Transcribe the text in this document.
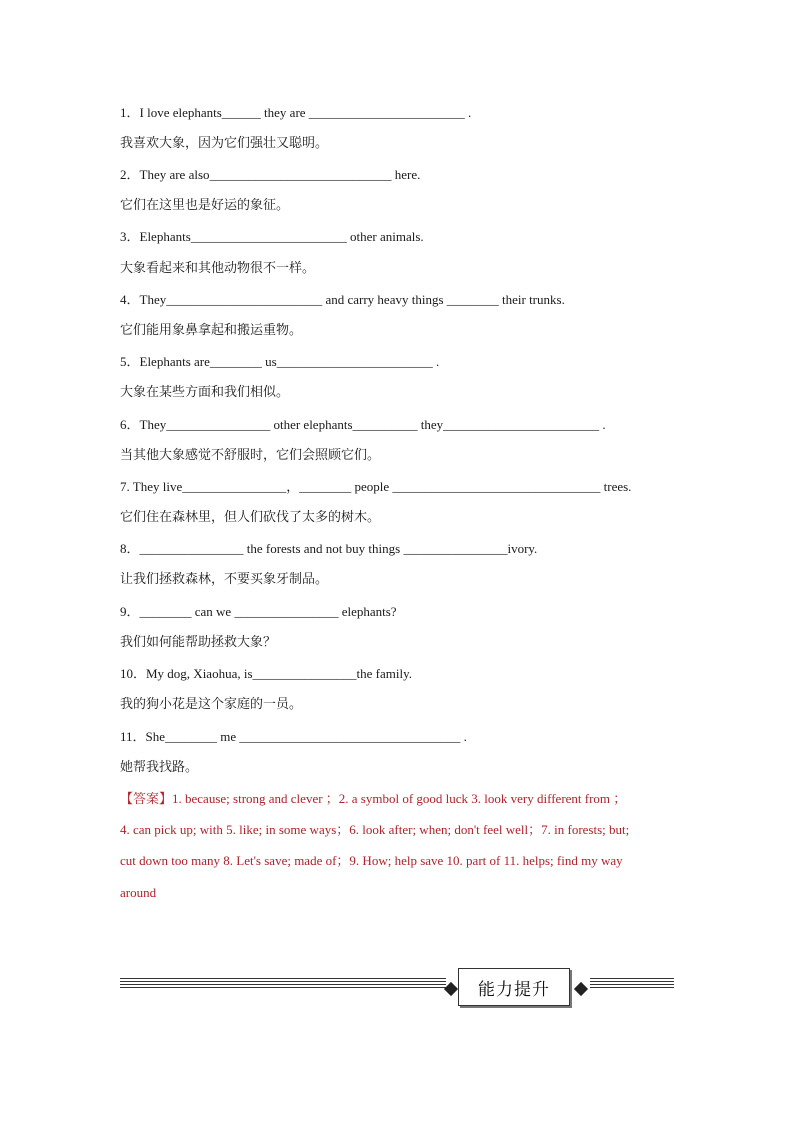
1．I love elephants______ they are ________________________ .
我喜欢大象，因为它们强壮又聪明。
2．They are also____________________________ here.
它们在这里也是好运的象征。
3．Elephants________________________ other animals.
大象看起来和其他动物很不一样。
4．They________________________ and carry heavy things ________ their trunks.
它们能用象鼻拿起和搬运重物。
5．Elephants are________ us________________________ .
大象在某些方面和我们相似。
6．They________________ other elephants__________ they________________________ .
当其他大象感觉不舒服时，它们会照顾它们。
7. They live________________，________ people ________________________________ trees.
它们住在森林里，但人们砍伐了太多的树木。
8．________________ the forests and not buy things ________________ivory.
让我们拯救森林，不要买象牙制品。
9．________ can we ________________ elephants?
我们如何能帮助拯救大象？
10．My dog, Xiaohua, is________________the family.
我的狗小花是这个家庭的一员。
11．She________ me __________________________________ .
她帮我找路。
【答案】1. because; strong and clever ；2. a symbol of good luck 3. look very different from ；
4. can pick up; with 5. like; in some ways；6. look after; when; don't feel well；7. in forests; but;
cut down too many 8. Let's save; made of；9. How; help save 10. part of 11. helps; find my way
around
能力提升
